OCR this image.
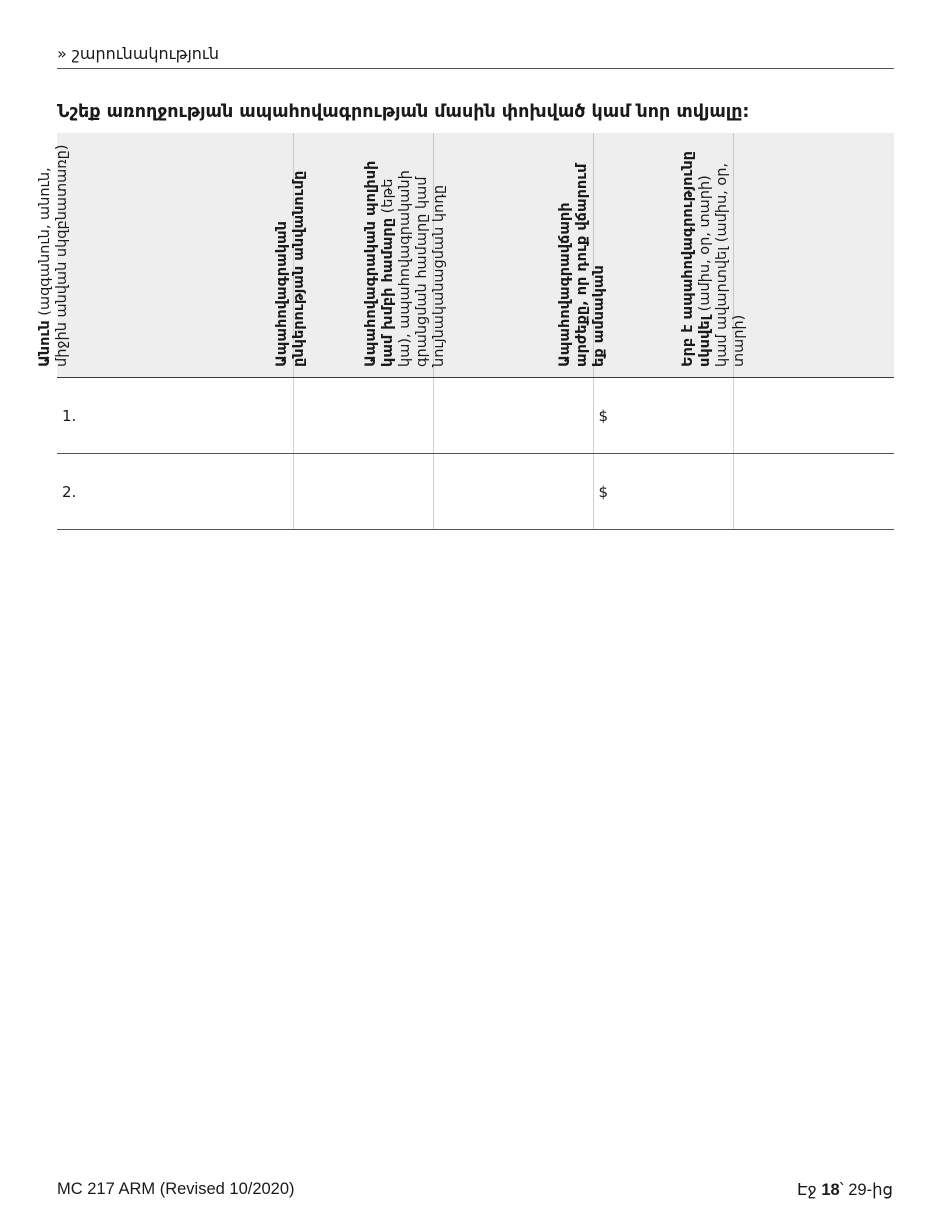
» շարունակություն
Նշեք առողջության ապահովագրության մասին փոխված կամ նոր տվյալը:
Անուն (ազգանուն, անուն, միջին անվան սկզբնատառը)	Ապահովագրական ընկերության անվանումը	Ապահովագրական պոլիսի կամ խմբի համարը (եթե կա), ապահովագրականի գրանցման համարը կամ նույնականացման կոդը	Ապահովագրավճարի արժեքը, որ դուք վճարում եք ամսական	Երբ է ապահովագրությունը սկսվել (ամիս, օր, տարի) կամ ավարտվել (ամիս, օր, տարի)

1.			$	
2.			$	
MC 217 ARM (Revised 10/2020)	Էջ 18՝ 29-ից
